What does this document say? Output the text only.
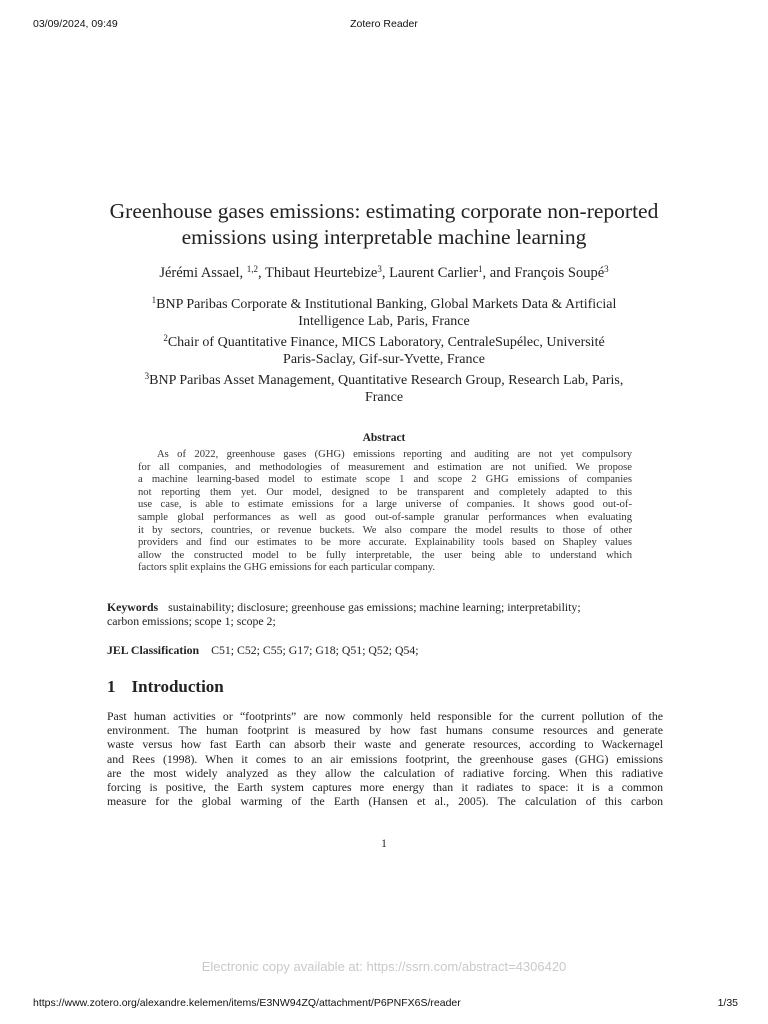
03/09/2024, 09:49	Zotero Reader
Greenhouse gases emissions: estimating corporate non-reported
emissions using interpretable machine learning
Jérémi Assael, $^{1,2}$, Thibaut Heurtebize$^3$, Laurent Carlier$^1$, and François Soupé$^3$
$^1$BNP Paribas Corporate & Institutional Banking, Global Markets Data & Artificial
Intelligence Lab, Paris, France
$^2$Chair of Quantitative Finance, MICS Laboratory, CentraleSupélec, Université
Paris-Saclay, Gif-sur-Yvette, France
$^3$BNP Paribas Asset Management, Quantitative Research Group, Research Lab, Paris,
France
Abstract
As of 2022, greenhouse gases (GHG) emissions reporting and auditing are not yet compulsory
for all companies, and methodologies of measurement and estimation are not unified. We propose
a machine learning-based model to estimate scope 1 and scope 2 GHG emissions of companies
not reporting them yet. Our model, designed to be transparent and completely adapted to this
use case, is able to estimate emissions for a large universe of companies. It shows good out-of-
sample global performances as well as good out-of-sample granular performances when evaluating
it by sectors, countries, or revenue buckets. We also compare the model results to those of other
providers and find our estimates to be more accurate. Explainability tools based on Shapley values
allow the constructed model to be fully interpretable, the user being able to understand which
factors split explains the GHG emissions for each particular company.
Keywords sustainability; disclosure; greenhouse gas emissions; machine learning; interpretability;
carbon emissions; scope 1; scope 2;
JEL Classification C51; C52; C55; G17; G18; Q51; Q52; Q54;
1 Introduction
Past human activities or “footprints” are now commonly held responsible for the current pollution of the
environment. The human footprint is measured by how fast humans consume resources and generate
waste versus how fast Earth can absorb their waste and generate resources, according to Wackernagel
and Rees (1998). When it comes to an air emissions footprint, the greenhouse gases (GHG) emissions
are the most widely analyzed as they allow the calculation of radiative forcing. When this radiative
forcing is positive, the Earth system captures more energy than it radiates to space: it is a common
measure for the global warming of the Earth (Hansen et al., 2005). The calculation of this carbon
1
Electronic copy available at: https://ssrn.com/abstract=4306420
https://www.zotero.org/alexandre.kelemen/items/E3NW94ZQ/attachment/P6PNFX6S/reader	1/35
